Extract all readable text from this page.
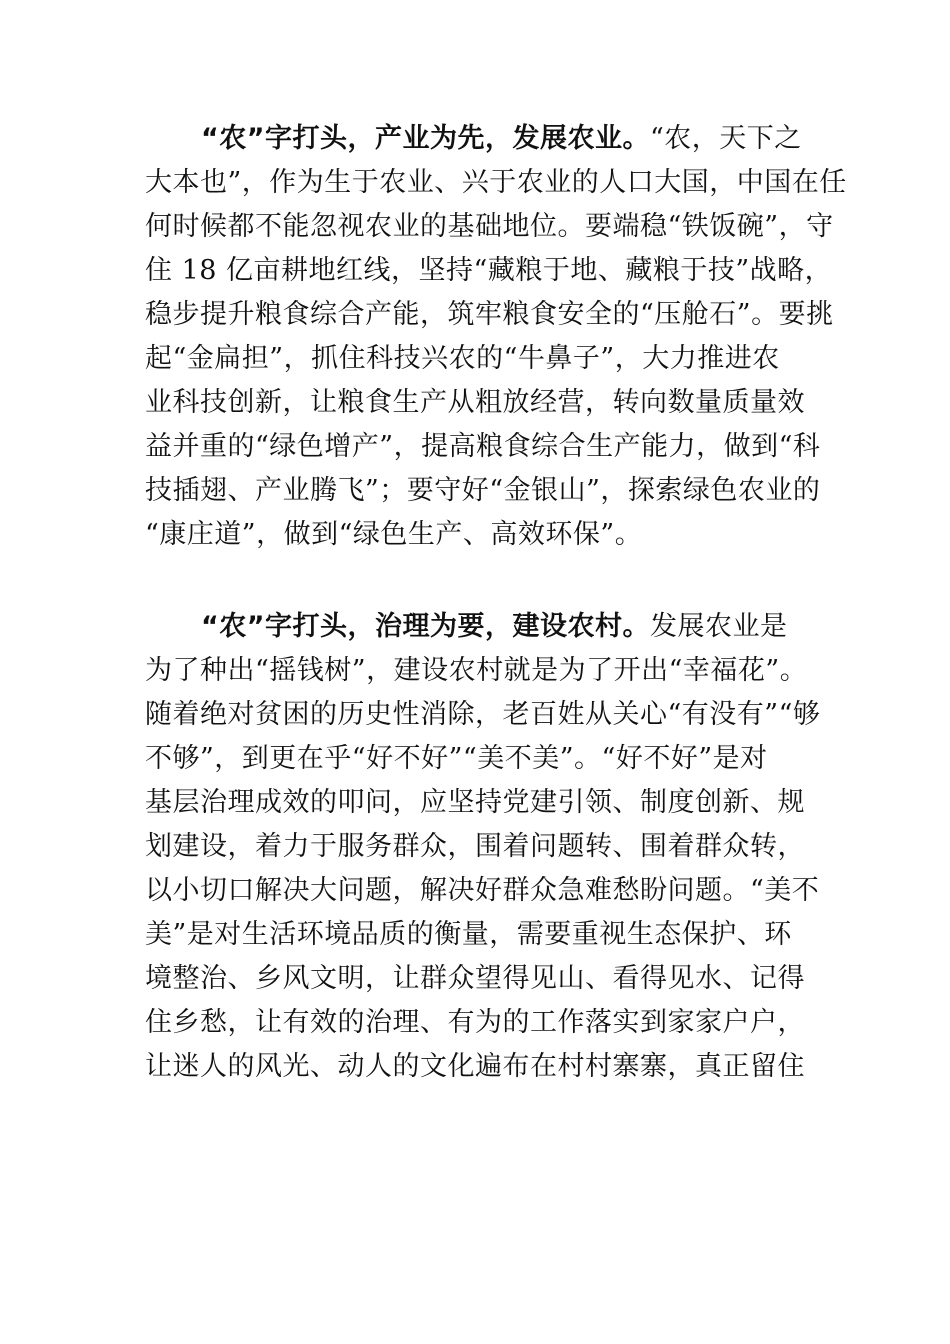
“农”字打头，产业为先，发展农业。“农，天下之
大本也”，作为生于农业、兴于农业的人口大国，中国在任
何时候都不能忽视农业的基础地位。要端稳“铁饭碗”，守
住 18 亿亩耕地红线，坚持“藏粮于地、藏粮于技”战略，
稳步提升粮食综合产能，筑牢粮食安全的“压舱石”。要挑
起“金扁担”，抓住科技兴农的“牛鼻子”，大力推进农
业科技创新，让粮食生产从粗放经营，转向数量质量效
益并重的“绿色增产”，提高粮食综合生产能力，做到“科
技插翅、产业腾飞”；要守好“金银山”，探索绿色农业的
“康庄道”，做到“绿色生产、高效环保”。
“农”字打头，治理为要，建设农村。发展农业是
为了种出“摇钱树”，建设农村就是为了开出“幸福花”。
随着绝对贫困的历史性消除，老百姓从关心“有没有”“够
不够”，到更在乎“好不好”“美不美”。“好不好”是对
基层治理成效的叩问，应坚持党建引领、制度创新、规
划建设，着力于服务群众，围着问题转、围着群众转，
以小切口解决大问题，解决好群众急难愁盼问题。“美不
美”是对生活环境品质的衡量，需要重视生态保护、环
境整治、乡风文明，让群众望得见山、看得见水、记得
住乡愁，让有效的治理、有为的工作落实到家家户户，
让迷人的风光、动人的文化遍布在村村寨寨，真正留住
